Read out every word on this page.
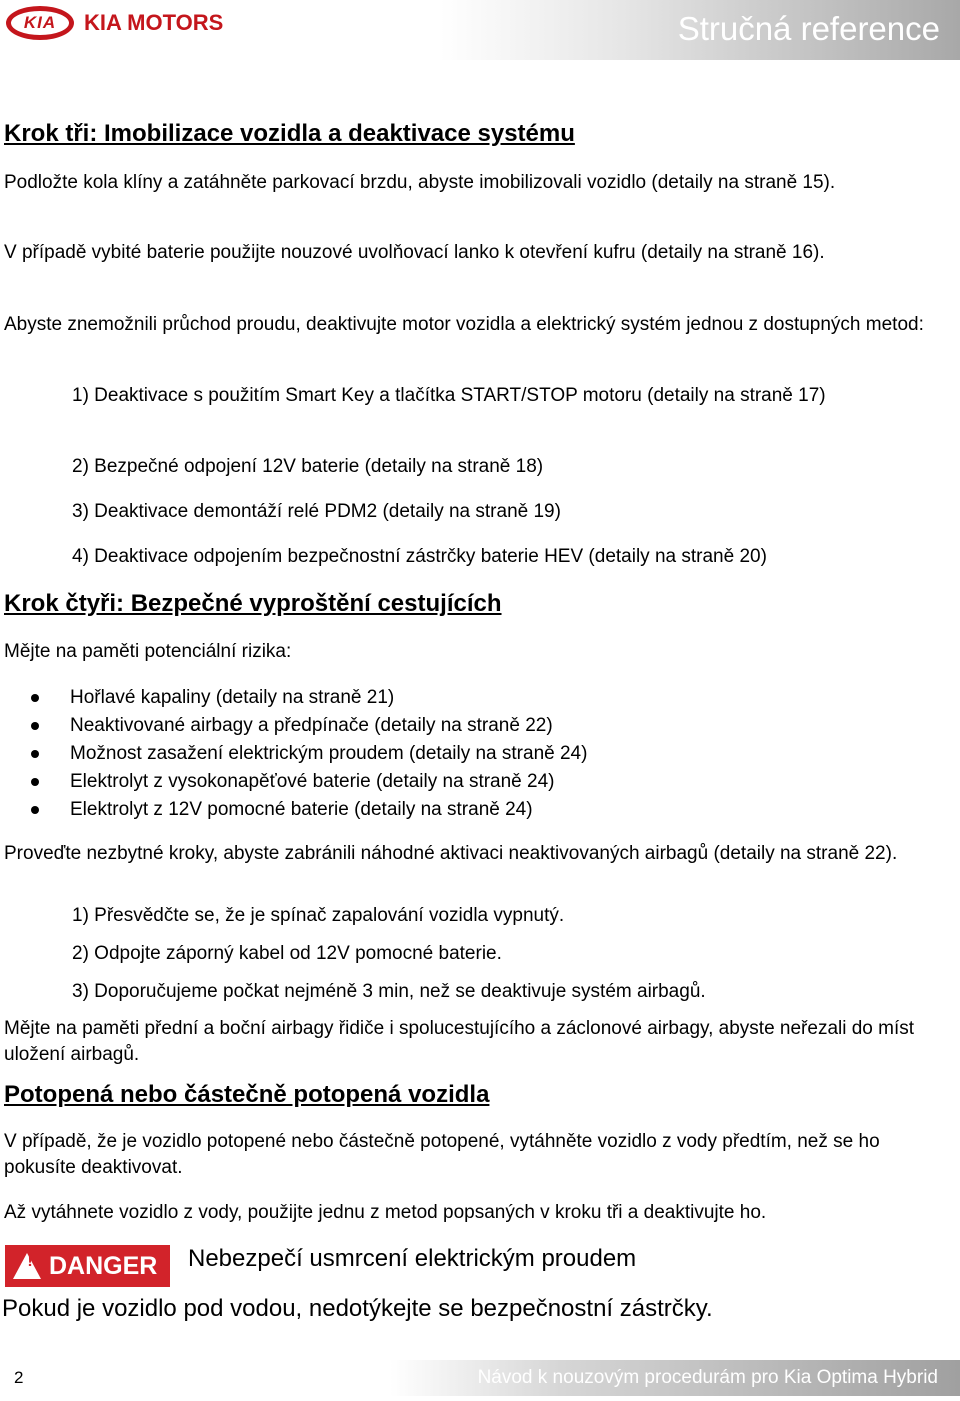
KIA	KIA MOTORS	Stručná reference
Krok tři: Imobilizace vozidla a deaktivace systému
Podložte kola klíny a zatáhněte parkovací brzdu, abyste imobilizovali vozidlo (detaily na straně 15).
V případě vybité baterie použijte nouzové uvolňovací lanko k otevření kufru (detaily na straně 16).
Abyste znemožnili průchod proudu, deaktivujte motor vozidla a elektrický systém jednou z dostupných metod:
1) Deaktivace s použitím Smart Key a tlačítka START/STOP motoru (detaily na straně 17)
2) Bezpečné odpojení 12V baterie (detaily na straně 18)
3) Deaktivace demontáží relé PDM2 (detaily na straně 19)
4) Deaktivace odpojením bezpečnostní zástrčky baterie HEV (detaily na straně 20)
Krok čtyři: Bezpečné vyproštění cestujících
Mějte na paměti potenciální rizika:
Hořlavé kapaliny (detaily na straně 21)
Neaktivované airbagy a předpínače (detaily na straně 22)
Možnost zasažení elektrickým proudem (detaily na straně 24)
Elektrolyt z vysokonapěťové baterie (detaily na straně 24)
Elektrolyt z 12V pomocné baterie (detaily na straně 24)
Proveďte nezbytné kroky, abyste zabránili náhodné aktivaci neaktivovaných airbagů (detaily na straně 22).
1) Přesvědčte se, že je spínač zapalování vozidla vypnutý.
2) Odpojte záporný kabel od 12V pomocné baterie.
3) Doporučujeme počkat nejméně 3 min, než se deaktivuje systém airbagů.
Mějte na paměti přední a boční airbagy řidiče i spolucestujícího a záclonové airbagy, abyste neřezali do míst uložení airbagů.
Potopená nebo částečně potopená vozidla
V případě, že je vozidlo potopené nebo částečně potopené, vytáhněte vozidlo z vody předtím, než se ho pokusíte deaktivovat.
Až vytáhnete vozidlo z vody, použijte jednu z metod popsaných v kroku tři a deaktivujte ho.
DANGER
!	Nebezpečí usmrcení elektrickým proudem
Pokud je vozidlo pod vodou, nedotýkejte se bezpečnostní zástrčky.
2	Návod k nouzovým procedurám pro Kia Optima Hybrid
